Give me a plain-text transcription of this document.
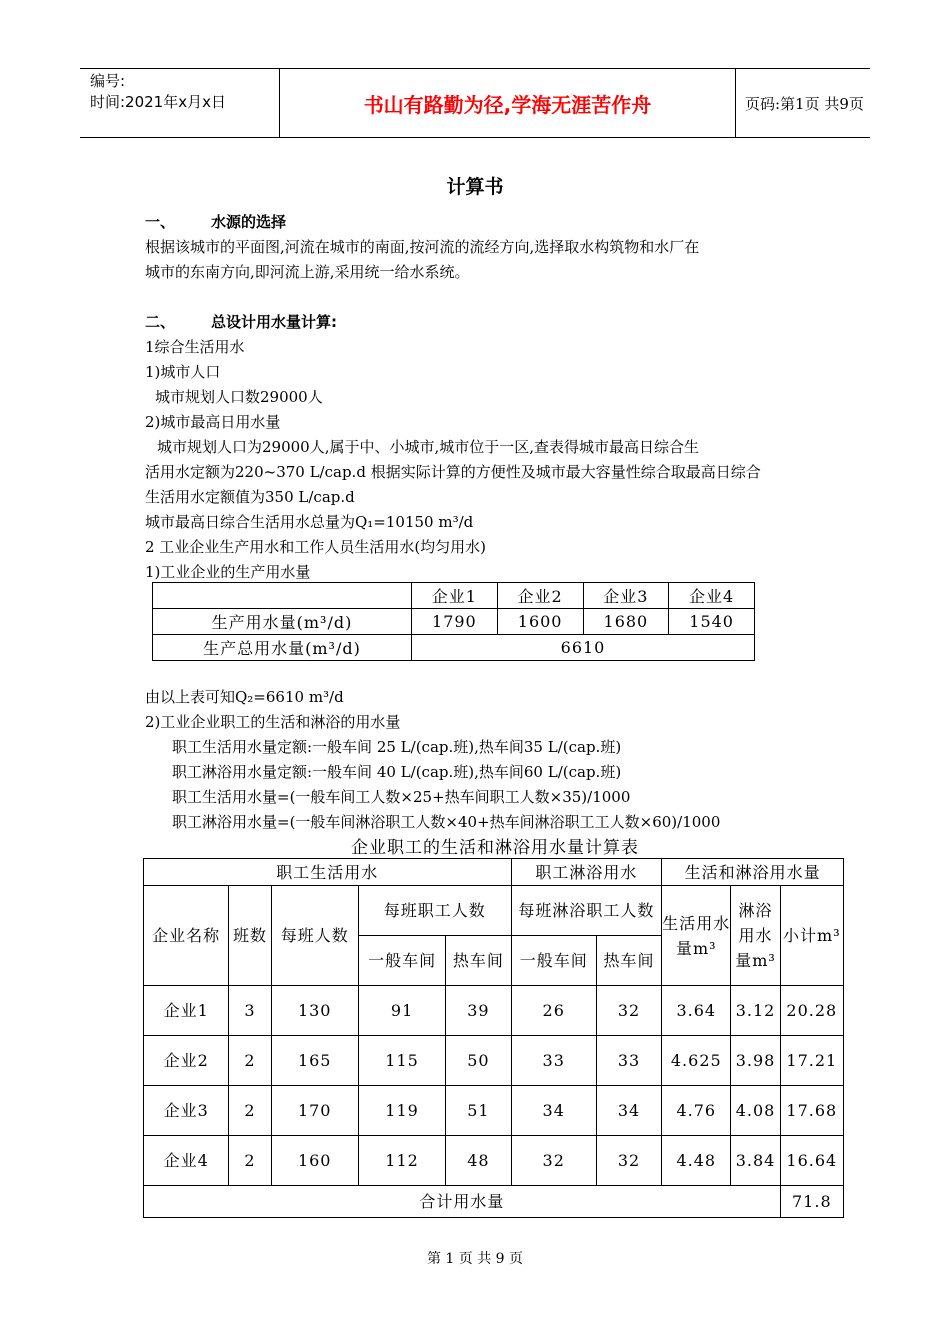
编号:
时间:2021年x月x日	书山有路勤为径,学海无涯苦作舟	页码:第1页 共9页
计算书
一、 水源的选择
根据该城市的平面图,河流在城市的南面,按河流的流经方向,选择取水构筑物和水厂在
城市的东南方向,即河流上游,采用统一给水系统。
二、 总设计用水量计算:
1综合生活用水
1)城市人口
城市规划人口数29000人
2)城市最高日用水量
城市规划人口为29000人,属于中、小城市,城市位于一区,查表得城市最高日综合生
活用水定额为220~370 L/cap.d 根据实际计算的方便性及城市最大容量性综合取最高日综合
生活用水定额值为350 L/cap.d
城市最高日综合生活用水总量为Q₁=10150 m³/d
2 工业企业生产用水和工作人员生活用水(均匀用水)
1)工业企业的生产用水量
	企业1	企业2	企业3	企业4
生产用水量(m³/d)	1790	1600	1680	1540
生产总用水量(m³/d)	6610			
由以上表可知Q₂=6610 m³/d
2)工业企业职工的生活和淋浴的用水量
职工生活用水量定额:一般车间 25 L/(cap.班),热车间35 L/(cap.班)
职工淋浴用水量定额:一般车间 40 L/(cap.班),热车间60 L/(cap.班)
职工生活用水量=(一般车间工人数×25+热车间职工人数×35)/1000
职工淋浴用水量=(一般车间淋浴职工人数×40+热车间淋浴职工工人数×60)/1000
企业职工的生活和淋浴用水量计算表
职工生活用水					职工淋浴用水		生活和淋浴用水量		
企业名称	班数	每班人数	每班职工人数		每班淋浴职工人数		生活用水量m³	淋浴用水量m³	小计m³
			一般车间	热车间	一般车间	热车间			
企业1	3	130	91	39	26	32	3.64	3.12	20.28
企业2	2	165	115	50	33	33	4.625	3.98	17.21
企业3	2	170	119	51	34	34	4.76	4.08	17.68
企业4	2	160	112	48	32	32	4.48	3.84	16.64
合计用水量									71.8
第 1 页 共 9 页
